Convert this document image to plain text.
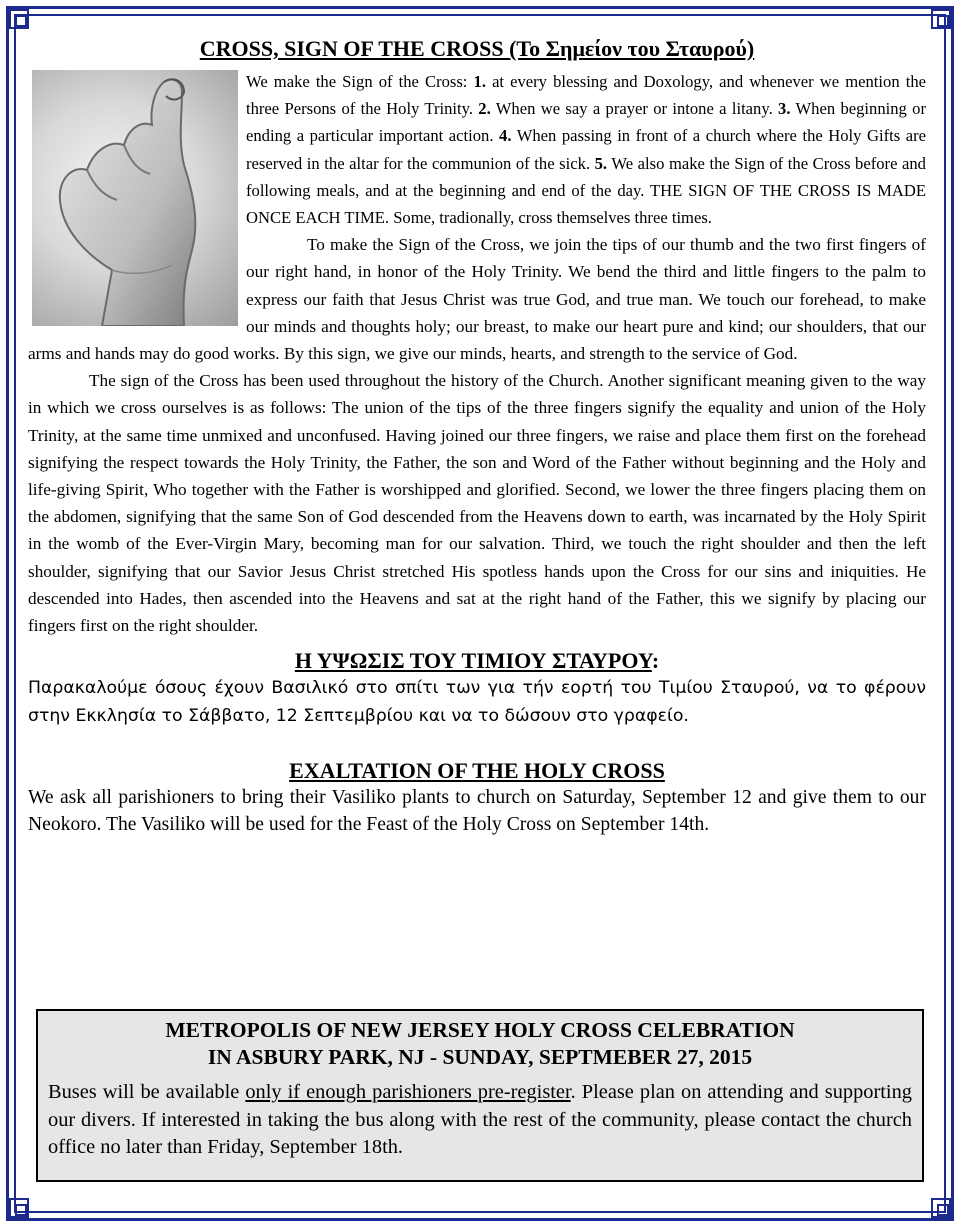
CROSS, SIGN OF THE CROSS (Το Σημείον του Σταυρού)

We make the Sign of the Cross: 1. at every blessing and Doxology, and whenever we mention the three Persons of the Holy Trinity. 2. When we say a prayer or intone a litany. 3. When beginning or ending a particular important action. 4. When passing in front of a church where the Holy Gifts are reserved in the altar for the communion of the sick. 5. We also make the Sign of the Cross before and following meals, and at the beginning and end of the day. THE SIGN OF THE CROSS IS MADE ONCE EACH TIME. Some, tradionally, cross themselves three times.

To make the Sign of the Cross, we join the tips of our thumb and the two first fingers of our right hand, in honor of the Holy Trinity. We bend the third and little fingers to the palm to express our faith that Jesus Christ was true God, and true man. We touch our forehead, to make our minds and thoughts holy; our breast, to make our heart pure and kind; our shoulders, that our arms and hands may do good works. By this sign, we give our minds, hearts, and strength to the service of God.

The sign of the Cross has been used throughout the history of the Church. Another significant meaning given to the way in which we cross ourselves is as follows: The union of the tips of the three fingers signify the equality and union of the Holy Trinity, at the same time unmixed and unconfused. Having joined our three fingers, we raise and place them first on the forehead signifying the respect towards the Holy Trinity, the Father, the son and Word of the Father without beginning and the Holy and life-giving Spirit, Who together with the Father is worshipped and glorified. Second, we lower the three fingers placing them on the abdomen, signifying that the same Son of God descended from the Heavens down to earth, was incarnated by the Holy Spirit in the womb of the Ever-Virgin Mary, becoming man for our salvation. Third, we touch the right shoulder and then the left shoulder, signifying that our Savior Jesus Christ stretched His spotless hands upon the Cross for our sins and iniquities. He descended into Hades, then ascended into the Heavens and sat at the right hand of the Father, this we signify by placing our fingers first on the right shoulder.

Η ΥΨΩΣΙΣ ΤΟΥ ΤΙΜΙΟΥ ΣΤΑΥΡΟΥ:

Παρακαλούμε όσους έχουν Βασιλικό στο σπίτι των για τήν εορτή του Τιμίου Σταυρού, να το φέρουν στην Εκκλησία το Σάββατο, 12 Σεπτεμβρίου και να το δώσουν στο γραφείο.

EXALTATION OF THE HOLY CROSS

We ask all parishioners to bring their Vasiliko plants to church on Saturday, September 12 and give them to our Neokoro. The Vasiliko will be used for the Feast of the Holy Cross on September 14th.

METROPOLIS OF NEW JERSEY HOLY CROSS CELEBRATION
IN ASBURY PARK, NJ - SUNDAY, SEPTMEBER 27, 2015

Buses will be available only if enough parishioners pre-register. Please plan on attending and supporting our divers. If interested in taking the bus along with the rest of the community, please contact the church office no later than Friday, September 18th.
